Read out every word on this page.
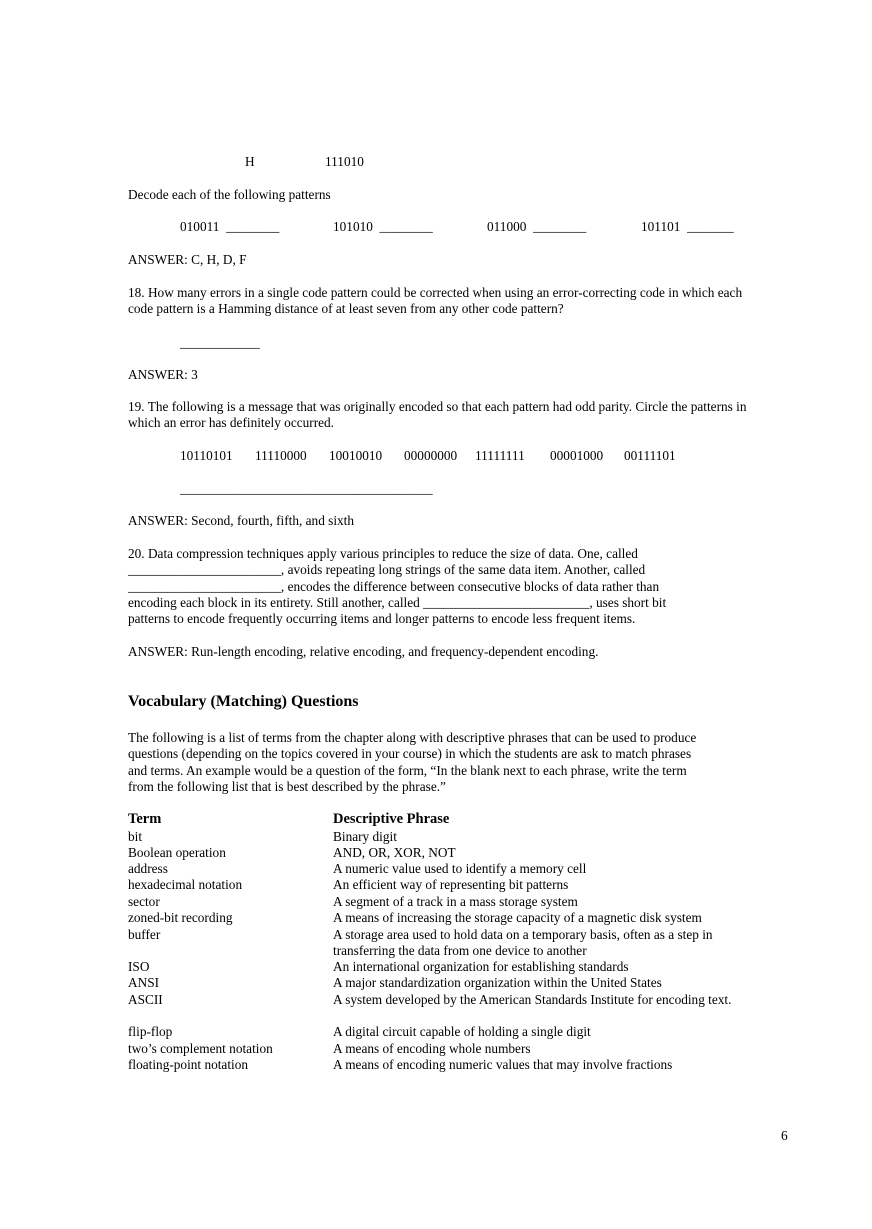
H	111010
Decode each of the following patterns
010011 ________	101010 ________	011000 ________	101101 _______
ANSWER: C, H, D, F

18. How many errors in a single code pattern could be corrected when using an error-correcting code in which each code pattern is a Hamming distance of at least seven from any other code pattern?

____________
ANSWER: 3

19. The following is a message that was originally encoded so that each pattern had odd parity. Circle the patterns in which an error has definitely occurred.

10110101 11110000 10010010 00000000 11111111 00001000 00111101
______________________________________
ANSWER: Second, fourth, fifth, and sixth
20. Data compression techniques apply various principles to reduce the size of data. One, called
_______________________, avoids repeating long strings of the same data item. Another, called
_______________________, encodes the difference between consecutive blocks of data rather than
encoding each block in its entirety. Still another, called _________________________, uses short bit
patterns to encode frequently occurring items and longer patterns to encode less frequent items.
ANSWER: Run-length encoding, relative encoding, and frequency-dependent encoding.
Vocabulary (Matching) Questions
The following is a list of terms from the chapter along with descriptive phrases that can be used to produce
questions (depending on the topics covered in your course) in which the students are ask to match phrases
and terms. An example would be a question of the form, “In the blank next to each phrase, write the term
from the following list that is best described by the phrase.”
Term	Descriptive Phrase
bit	Binary digit
Boolean operation	AND, OR, XOR, NOT
address	A numeric value used to identify a memory cell
hexadecimal notation	An efficient way of representing bit patterns
sector	A segment of a track in a mass storage system
zoned-bit recording	A means of increasing the storage capacity of a magnetic disk system
buffer	A storage area used to hold data on a temporary basis, often as a step in transferring the data from one device to another
ISO	An international organization for establishing standards
ANSI	A major standardization organization within the United States
ASCII	A system developed by the American Standards Institute for encoding text.
flip-flop	A digital circuit capable of holding a single digit
two’s complement notation	A means of encoding whole numbers
floating-point notation	A means of encoding numeric values that may involve fractions
6
